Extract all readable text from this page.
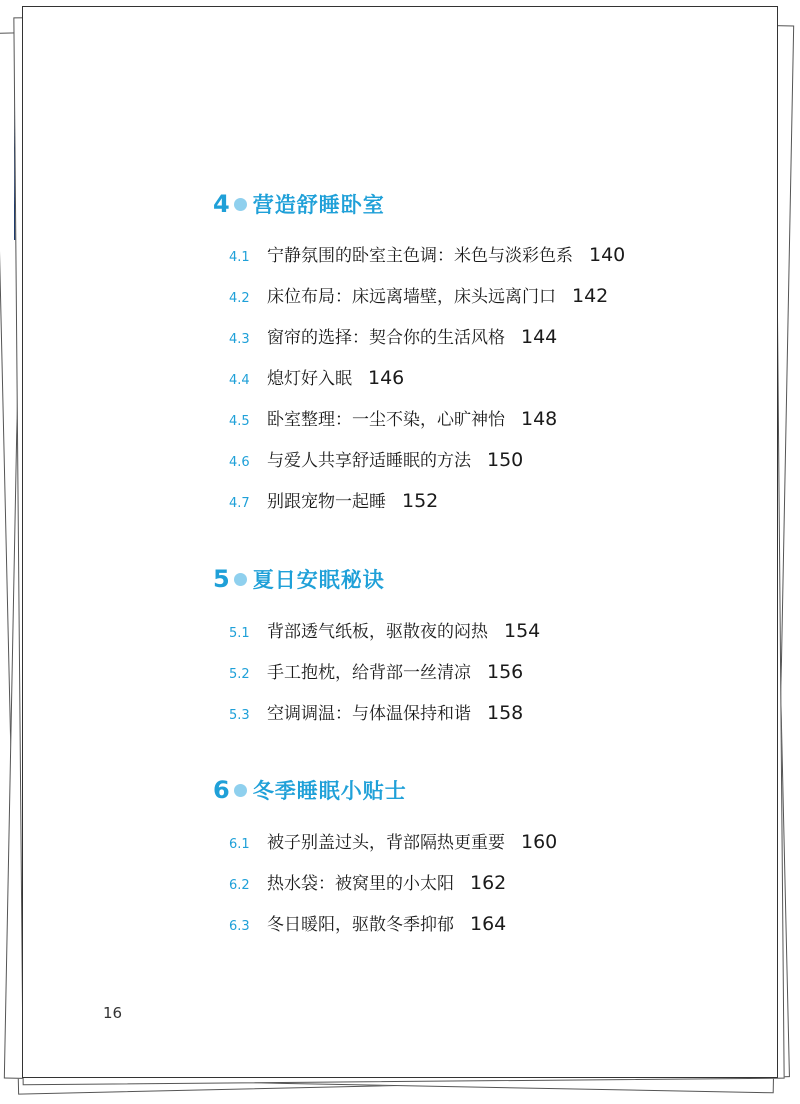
4 营造舒睡卧室
4.1	宁静氛围的卧室主色调：米色与淡彩色系 140
4.2	床位布局：床远离墙壁，床头远离门口 142
4.3	窗帘的选择：契合你的生活风格 144
4.4	熄灯好入眠 146
4.5	卧室整理：一尘不染，心旷神怡 148
4.6	与爱人共享舒适睡眠的方法 150
4.7	别跟宠物一起睡 152
5 夏日安眠秘诀
5.1	背部透气纸板，驱散夜的闷热 154
5.2	手工抱枕，给背部一丝清凉 156
5.3	空调调温：与体温保持和谐 158
6 冬季睡眠小贴士
6.1	被子别盖过头，背部隔热更重要 160
6.2	热水袋：被窝里的小太阳 162
6.3	冬日暖阳，驱散冬季抑郁 164
16
